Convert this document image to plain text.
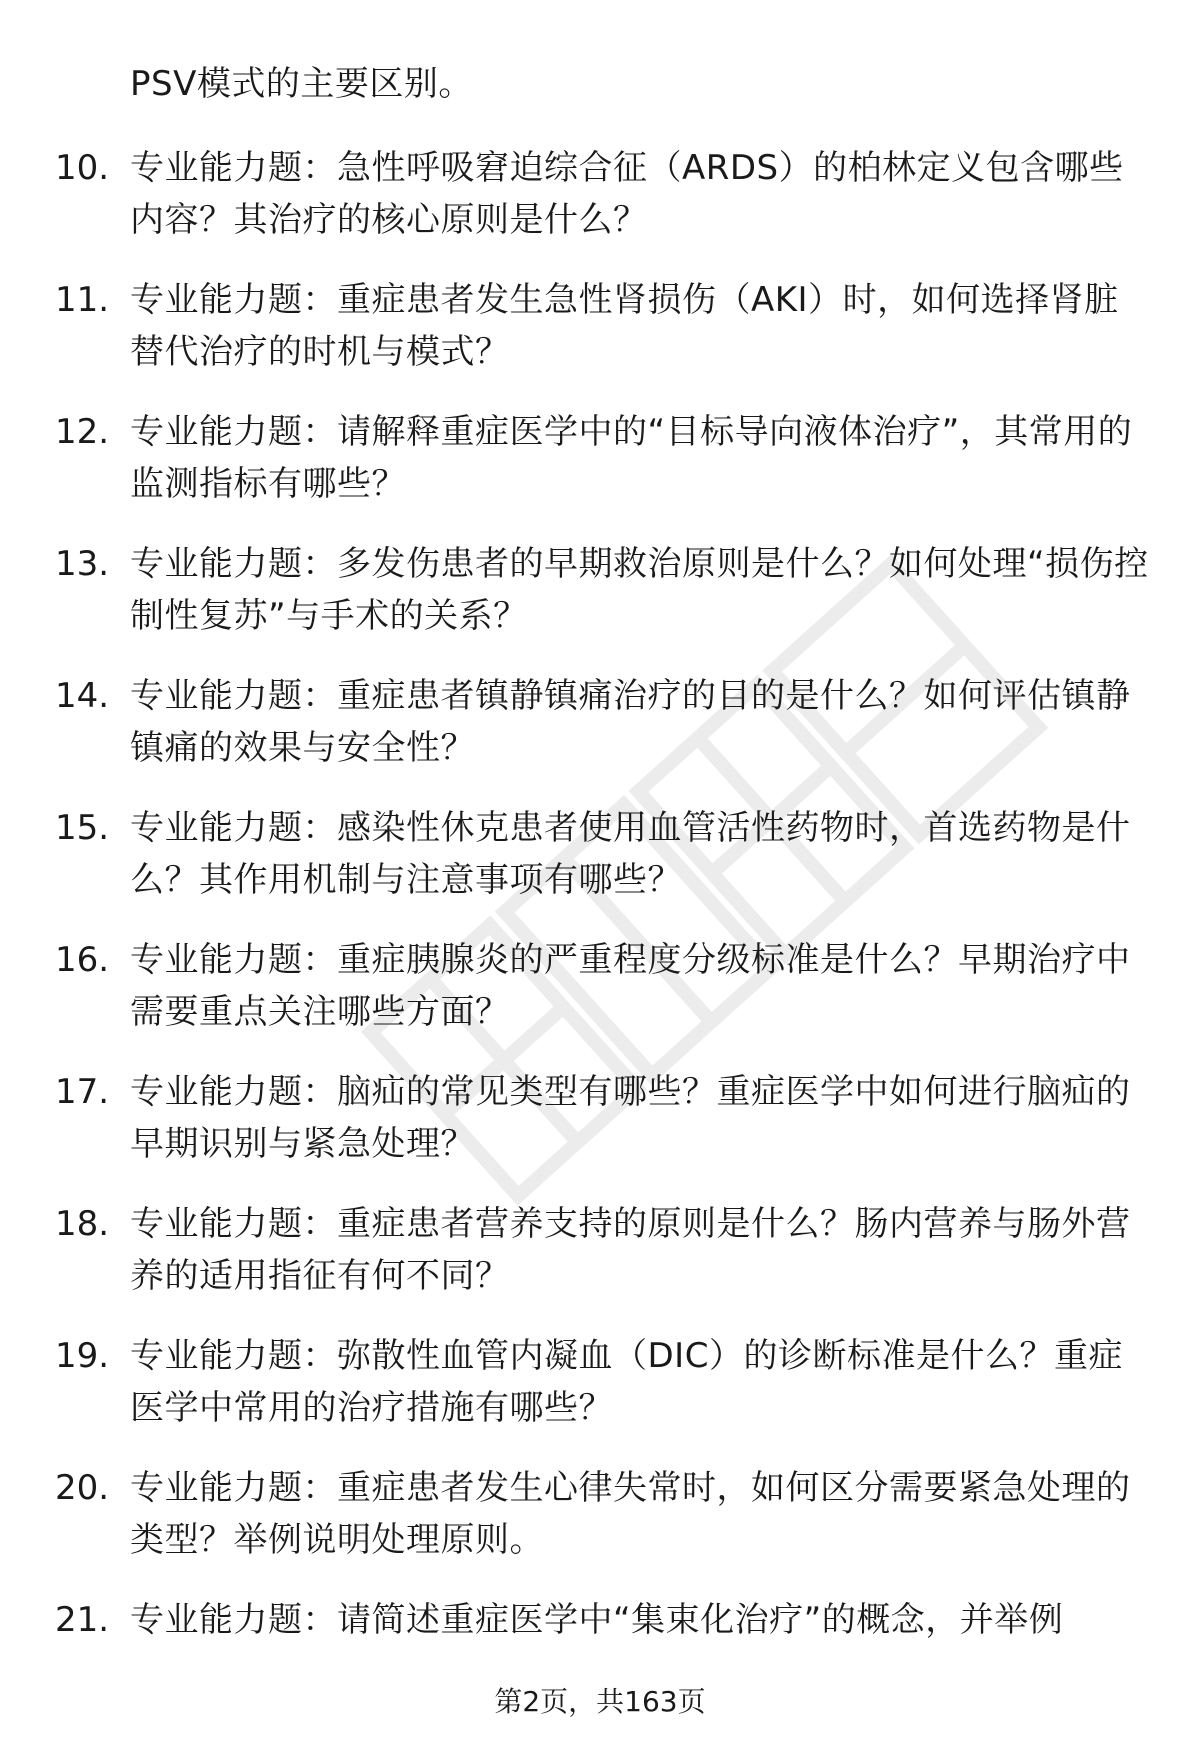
PSV模式的主要区别。
10. 专业能力题：急性呼吸窘迫综合征（ARDS）的柏林定义包含哪些内容？其治疗的核心原则是什么？
11. 专业能力题：重症患者发生急性肾损伤（AKI）时，如何选择肾脏替代治疗的时机与模式？
12. 专业能力题：请解释重症医学中的“目标导向液体治疗”，其常用的监测指标有哪些？
13. 专业能力题：多发伤患者的早期救治原则是什么？如何处理“损伤控制性复苏”与手术的关系？
14. 专业能力题：重症患者镇静镇痛治疗的目的是什么？如何评估镇静镇痛的效果与安全性？
15. 专业能力题：感染性休克患者使用血管活性药物时，首选药物是什么？其作用机制与注意事项有哪些？
16. 专业能力题：重症胰腺炎的严重程度分级标准是什么？早期治疗中需要重点关注哪些方面？
17. 专业能力题：脑疝的常见类型有哪些？重症医学中如何进行脑疝的早期识别与紧急处理？
18. 专业能力题：重症患者营养支持的原则是什么？肠内营养与肠外营养的适用指征有何不同？
19. 专业能力题：弥散性血管内凝血（DIC）的诊断标准是什么？重症医学中常用的治疗措施有哪些？
20. 专业能力题：重症患者发生心律失常时，如何区分需要紧急处理的类型？举例说明处理原则。
21. 专业能力题：请简述重症医学中“集束化治疗”的概念，并举例
第2页，共163页
